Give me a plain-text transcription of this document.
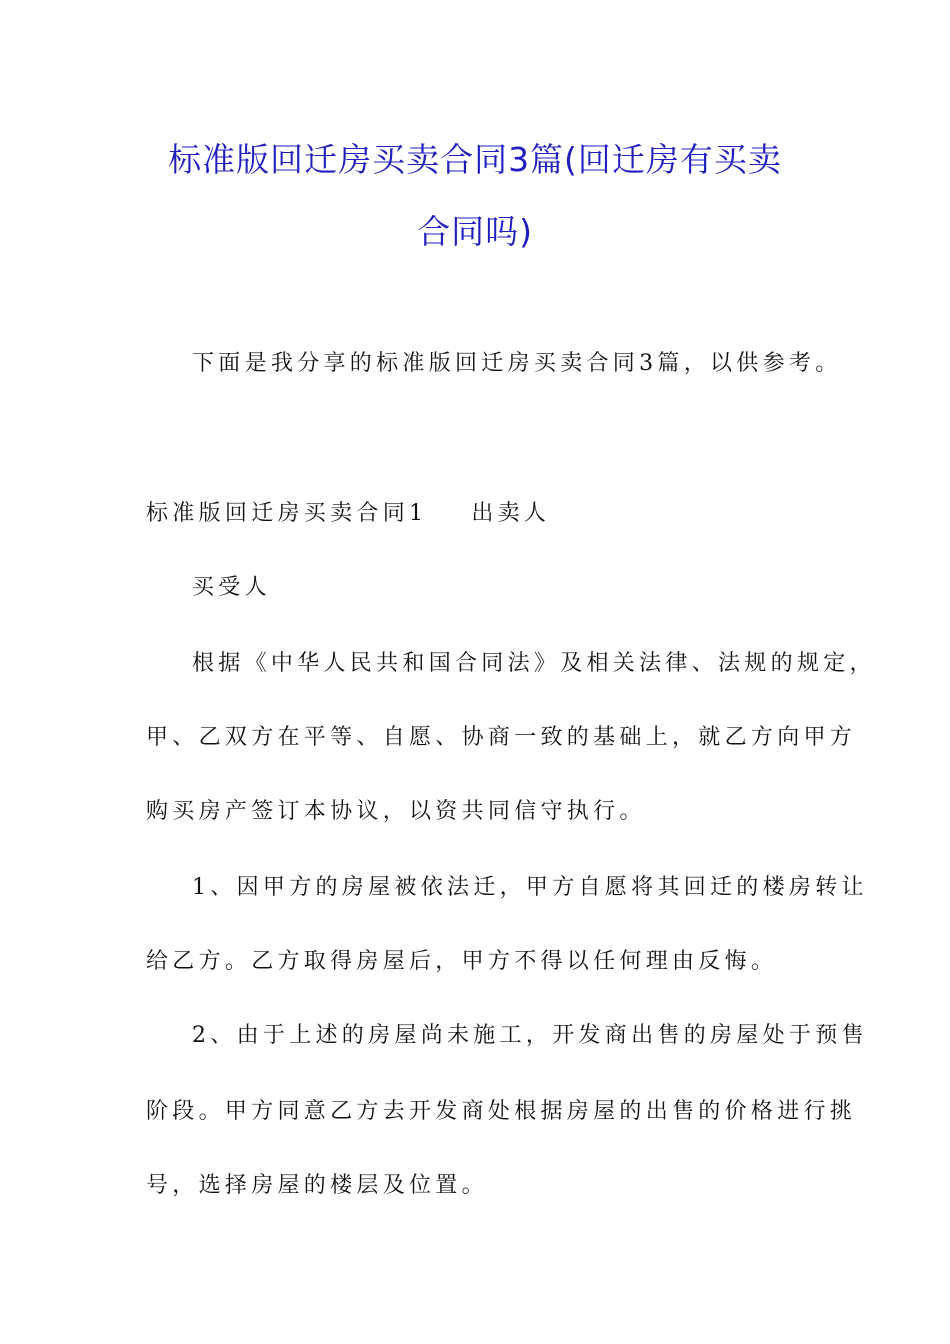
标准版回迁房买卖合同3篇(回迁房有买卖
合同吗)
下面是我分享的标准版回迁房买卖合同3篇，以供参考。
标准版回迁房买卖合同1 出卖人
买受人
根据《中华人民共和国合同法》及相关法律、法规的规定，
甲、乙双方在平等、自愿、协商一致的基础上，就乙方向甲方
购买房产签订本协议，以资共同信守执行。
1、因甲方的房屋被依法迁，甲方自愿将其回迁的楼房转让
给乙方。乙方取得房屋后，甲方不得以任何理由反悔。
2、由于上述的房屋尚未施工，开发商出售的房屋处于预售
阶段。甲方同意乙方去开发商处根据房屋的出售的价格进行挑
号，选择房屋的楼层及位置。
